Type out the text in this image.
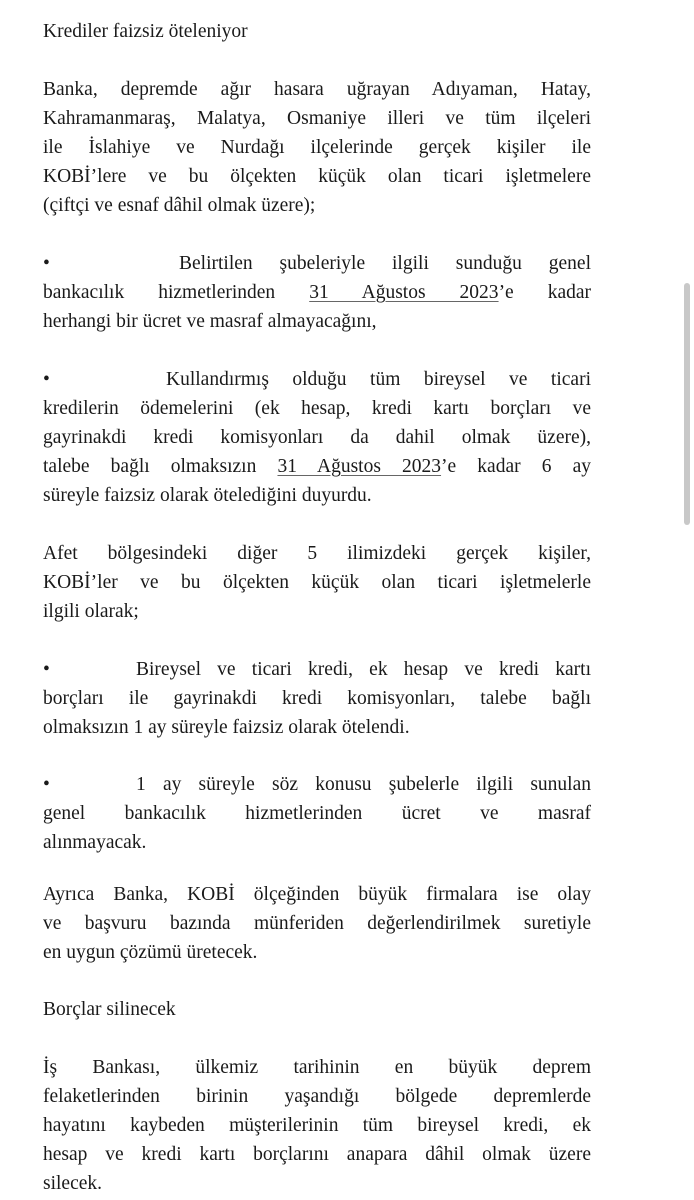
Krediler faizsiz öteleniyor
Banka, depremde ağır hasara uğrayan Adıyaman, Hatay,
Kahramanmaraş, Malatya, Osmaniye illeri ve tüm ilçeleri
ile İslahiye ve Nurdağı ilçelerinde gerçek kişiler ile
KOBİ’lere ve bu ölçekten küçük olan ticari işletmelere
(çiftçi ve esnaf dâhil olmak üzere);
•	Belirtilen şubeleriyle ilgili sunduğu genel
bankacılık hizmetlerinden 31 Ağustos 2023’e kadar
herhangi bir ücret ve masraf almayacağını,
•	Kullandırmış olduğu tüm bireysel ve ticari
kredilerin ödemelerini (ek hesap, kredi kartı borçları ve
gayrinakdi kredi komisyonları da dahil olmak üzere),
talebe bağlı olmaksızın 31 Ağustos 2023’e kadar 6 ay
süreyle faizsiz olarak ötelediğini duyurdu.
Afet bölgesindeki diğer 5 ilimizdeki gerçek kişiler,
KOBİ’ler ve bu ölçekten küçük olan ticari işletmelerle
ilgili olarak;
•	Bireysel ve ticari kredi, ek hesap ve kredi kartı
borçları ile gayrinakdi kredi komisyonları, talebe bağlı
olmaksızın 1 ay süreyle faizsiz olarak ötelendi.
•	1 ay süreyle söz konusu şubelerle ilgili sunulan
genel bankacılık hizmetlerinden ücret ve masraf
alınmayacak.
Ayrıca Banka, KOBİ ölçeğinden büyük firmalara ise olay
ve başvuru bazında münferiden değerlendirilmek suretiyle
en uygun çözümü üretecek.
Borçlar silinecek
İş Bankası, ülkemiz tarihinin en büyük deprem
felaketlerinden birinin yaşandığı bölgede depremlerde
hayatını kaybeden müşterilerinin tüm bireysel kredi, ek
hesap ve kredi kartı borçlarını anapara dâhil olmak üzere
silecek.
